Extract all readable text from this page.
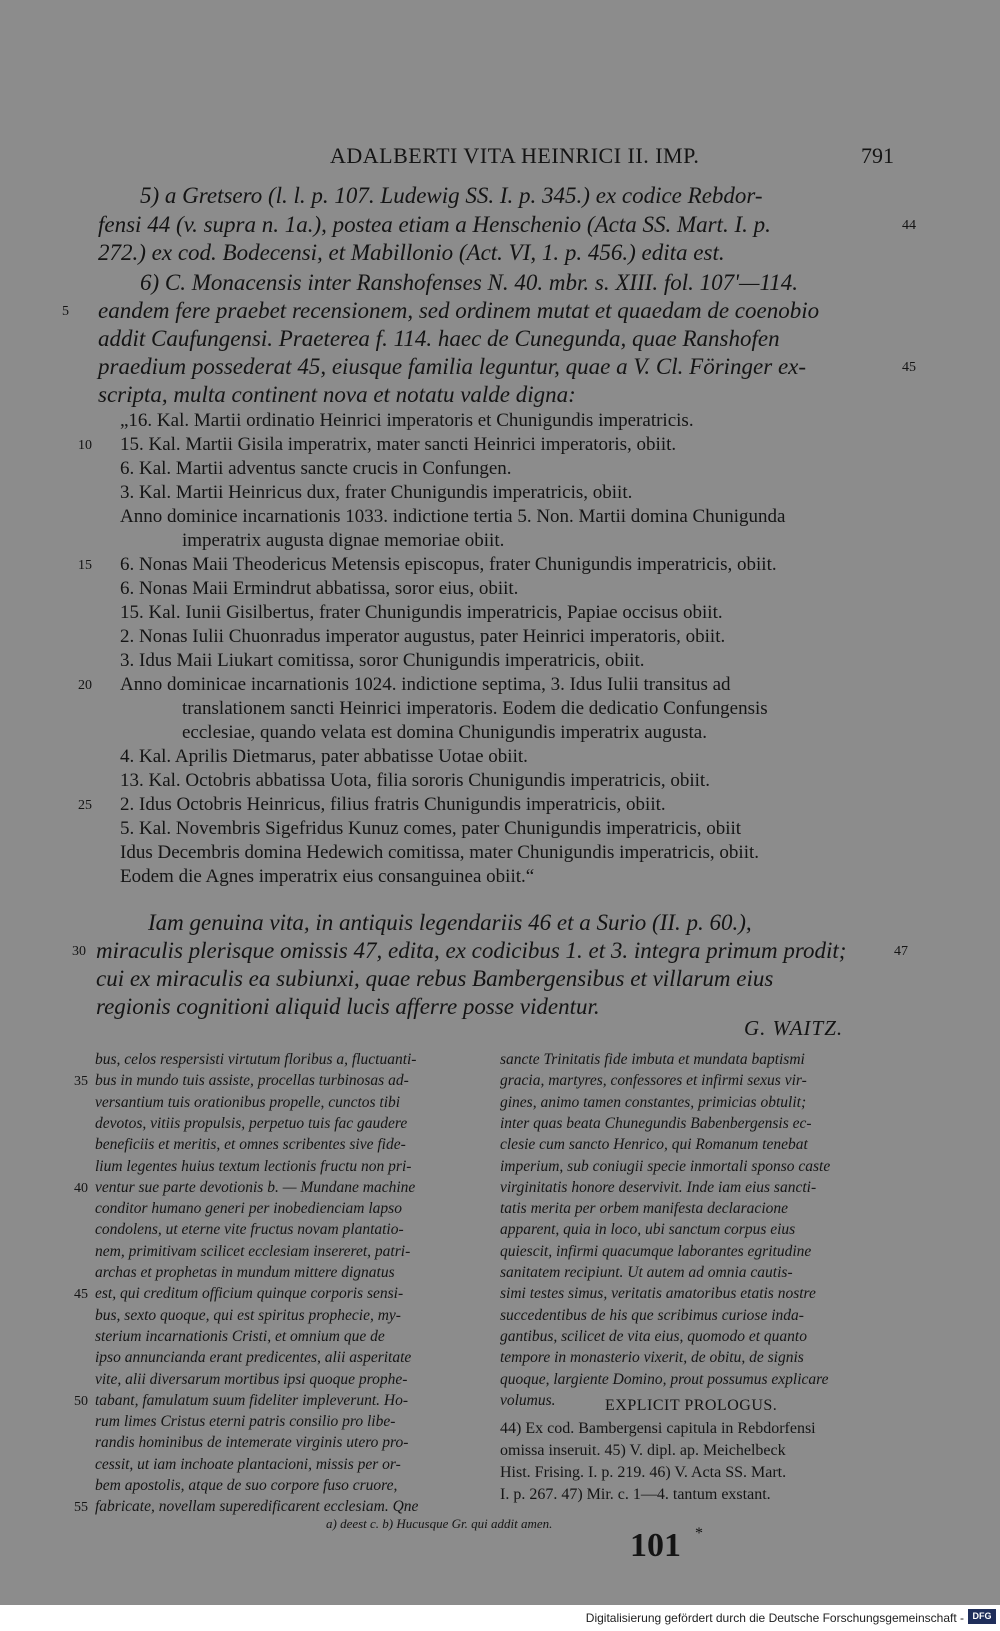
ADALBERTI VITA HEINRICI II. IMP.	791
5) a Gretsero (l. l. p. 107. Ludewig SS. I. p. 345.) ex codice Rebdor-
fensi 44 (v. supra n. 1a.), postea etiam a Henschenio (Acta SS. Mart. I. p.	44
272.) ex cod. Bodecensi, et Mabillonio (Act. VI, 1. p. 456.) edita est.
6) C. Monacensis inter Ranshofenses N. 40. mbr. s. XIII. fol. 107'—114.
eandem fere praebet recensionem, sed ordinem mutat et quaedam de coenobio
5
addit Caufungensi. Praeterea f. 114. haec de Cunegunda, quae Ranshofen
praedium possederat 45, eiusque familia leguntur, quae a V. Cl. Föringer ex-	45
scripta, multa continent nova et notatu valde digna:
„16. Kal. Martii ordinatio Heinrici imperatoris et Chunigundis imperatricis.
15. Kal. Martii Gisila imperatrix, mater sancti Heinrici imperatoris, obiit.
10
6. Kal. Martii adventus sancte crucis in Confungen.
3. Kal. Martii Heinricus dux, frater Chunigundis imperatricis, obiit.
Anno dominice incarnationis 1033. indictione tertia 5. Non. Martii domina Chunigunda
imperatrix augusta dignae memoriae obiit.
6. Nonas Maii Theodericus Metensis episcopus, frater Chunigundis imperatricis, obiit.
15
6. Nonas Maii Ermindrut abbatissa, soror eius, obiit.
15. Kal. Iunii Gisilbertus, frater Chunigundis imperatricis, Papiae occisus obiit.
2. Nonas Iulii Chuonradus imperator augustus, pater Heinrici imperatoris, obiit.
3. Idus Maii Liukart comitissa, soror Chunigundis imperatricis, obiit.
Anno dominicae incarnationis 1024. indictione septima, 3. Idus Iulii transitus ad
20
translationem sancti Heinrici imperatoris. Eodem die dedicatio Confungensis
ecclesiae, quando velata est domina Chunigundis imperatrix augusta.
4. Kal. Aprilis Dietmarus, pater abbatisse Uotae obiit.
13. Kal. Octobris abbatissa Uota, filia sororis Chunigundis imperatricis, obiit.
2. Idus Octobris Heinricus, filius fratris Chunigundis imperatricis, obiit.
25
5. Kal. Novembris Sigefridus Kunuz comes, pater Chunigundis imperatricis, obiit
Idus Decembris domina Hedewich comitissa, mater Chunigundis imperatricis, obiit.
Eodem die Agnes imperatrix eius consanguinea obiit.“
Iam genuina vita, in antiquis legendariis 46 et a Surio (II. p. 60.),
miraculis plerisque omissis 47, edita, ex codicibus 1. et 3. integra primum prodit;
30	47
cui ex miraculis ea subiunxi, quae rebus Bambergensibus et villarum eius
regionis cognitioni aliquid lucis afferre posse videntur.
G. WAITZ.
bus, celos respersisti virtutum floribus a, fluctuanti-
bus in mundo tuis assiste, procellas turbinosas ad-
35
versantium tuis orationibus propelle, cunctos tibi
devotos, vitiis propulsis, perpetuo tuis fac gaudere
beneficiis et meritis, et omnes scribentes sive fide-
lium legentes huius textum lectionis fructu non pri-
ventur sue parte devotionis b. — Mundane machine
40
conditor humano generi per inobedienciam lapso
condolens, ut eterne vite fructus novam plantatio-
nem, primitivam scilicet ecclesiam insereret, patri-
archas et prophetas in mundum mittere dignatus
est, qui creditum officium quinque corporis sensi-
45
bus, sexto quoque, qui est spiritus prophecie, my-
sterium incarnationis Cristi, et omnium que de
ipso annuncianda erant predicentes, alii asperitate
vite, alii diversarum mortibus ipsi quoque prophe-
tabant, famulatum suum fideliter impleverunt. Ho-
50
rum limes Cristus eterni patris consilio pro libe-
randis hominibus de intemerate virginis utero pro-
cessit, ut iam inchoate plantacioni, missis per or-
bem apostolis, atque de suo corpore fuso cruore,
fabricate, novellam superedificarent ecclesiam. Qne
55
sancte Trinitatis fide imbuta et mundata baptismi
gracia, martyres, confessores et infirmi sexus vir-
gines, animo tamen constantes, primicias obtulit;
inter quas beata Chunegundis Babenbergensis ec-
clesie cum sancto Henrico, qui Romanum tenebat
imperium, sub coniugii specie inmortali sponso caste
virginitatis honore deservivit. Inde iam eius sancti-
tatis merita per orbem manifesta declaracione
apparent, quia in loco, ubi sanctum corpus eius
quiescit, infirmi quacumque laborantes egritudine
sanitatem recipiunt. Ut autem ad omnia cautis-
simi testes simus, veritatis amatoribus etatis nostre
succedentibus de his que scribimus curiose inda-
gantibus, scilicet de vita eius, quomodo et quanto
tempore in monasterio vixerit, de obitu, de signis
quoque, largiente Domino, prout possumus explicare
volumus.	EXPLICIT PROLOGUS.
44) Ex cod. Bambergensi capitula in Rebdorfensi
omissa inseruit. 45) V. dipl. ap. Meichelbeck
Hist. Frising. I. p. 219. 46) V. Acta SS. Mart.
I. p. 267. 47) Mir. c. 1—4. tantum exstant.
a) deest c. b) Hucusque Gr. qui addit amen.
101 *
Digitalisierung gefördert durch die Deutsche Forschungsgemeinschaft - DFG
